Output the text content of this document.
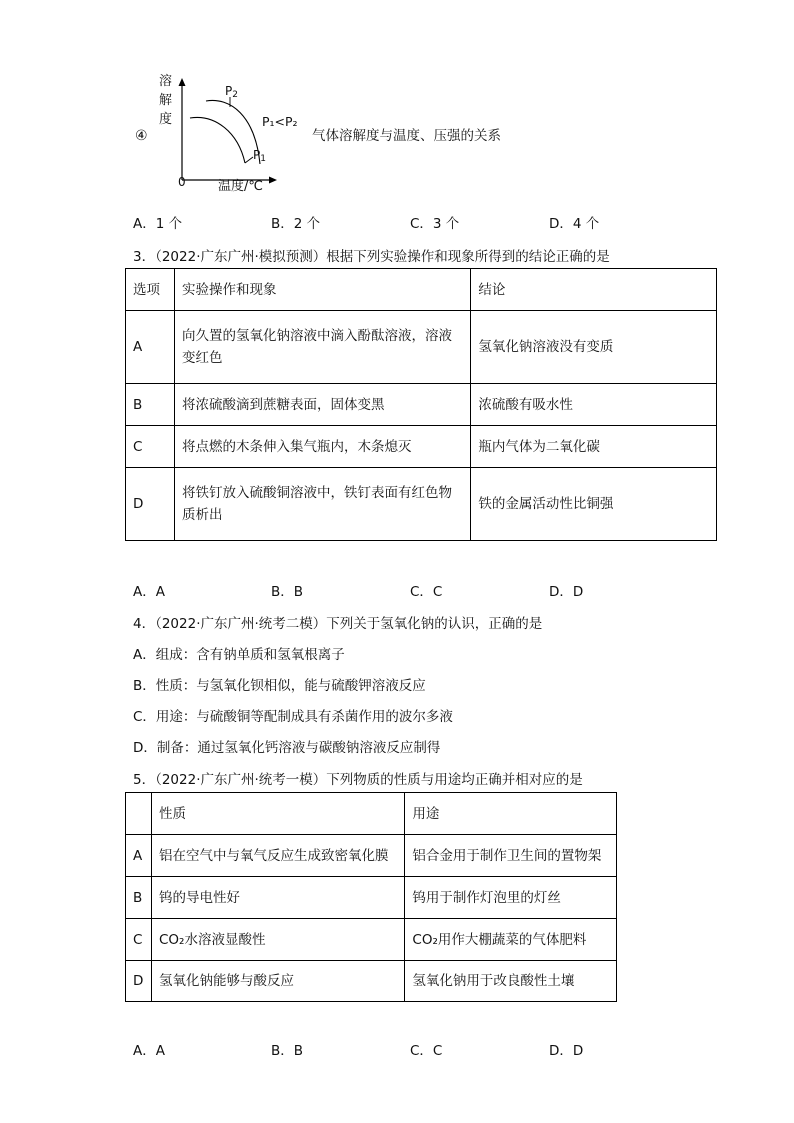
④
溶
解
度
0 温度/℃
$P_2$
$P_1$
P₁<P₂
气体溶解度与温度、压强的关系
A．1 个	B．2 个	C．3 个	D．4 个
3．（2022·广东广州·模拟预测）根据下列实验操作和现象所得到的结论正确的是
选项	实验操作和现象	结论
A	向久置的氢氧化钠溶液中滴入酚酞溶液，溶液变红色	氢氧化钠溶液没有变质
B	将浓硫酸滴到蔗糖表面，固体变黑	浓硫酸有吸水性
C	将点燃的木条伸入集气瓶内，木条熄灭	瓶内气体为二氧化碳
D	将铁钉放入硫酸铜溶液中，铁钉表面有红色物质析出	铁的金属活动性比铜强
A．A	B．B	C．C	D．D
4．（2022·广东广州·统考二模）下列关于氢氧化钠的认识，正确的是
A．组成：含有钠单质和氢氧根离子
B．性质：与氢氧化钡相似，能与硫酸钾溶液反应
C．用途：与硫酸铜等配制成具有杀菌作用的波尔多液
D．制备：通过氢氧化钙溶液与碳酸钠溶液反应制得
5．（2022·广东广州·统考一模）下列物质的性质与用途均正确并相对应的是
	性质	用途
A	铝在空气中与氧气反应生成致密氧化膜	铝合金用于制作卫生间的置物架
B	钨的导电性好	钨用于制作灯泡里的灯丝
C	CO₂水溶液显酸性	CO₂用作大棚蔬菜的气体肥料
D	氢氧化钠能够与酸反应	氢氧化钠用于改良酸性土壤
A．A	B．B	C．C	D．D
